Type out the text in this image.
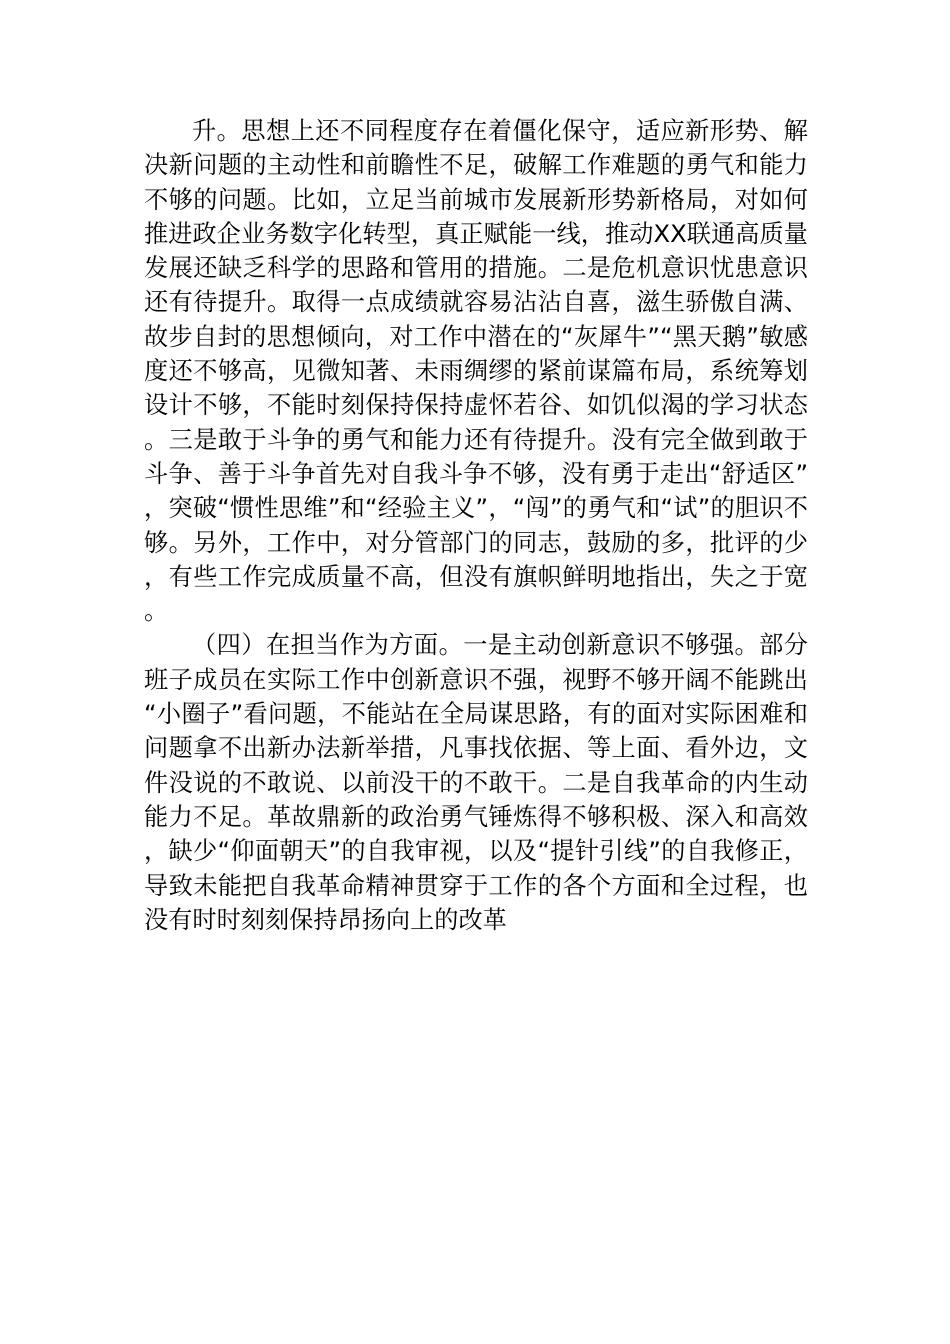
升。思想上还不同程度存在着僵化保守，适应新形势、解决新问题的主动性和前瞻性不足，破解工作难题的勇气和能力不够的问题。比如，立足当前城市发展新形势新格局，对如何推进政企业务数字化转型，真正赋能一线，推动XX联通高质量发展还缺乏科学的思路和管用的措施。二是危机意识忧患意识还有待提升。取得一点成绩就容易沾沾自喜，滋生骄傲自满、故步自封的思想倾向，对工作中潜在的“灰犀牛”“黑天鹅”敏感度还不够高，见微知著、未雨绸缪的紧前谋篇布局，系统筹划设计不够，不能时刻保持保持虚怀若谷、如饥似渴的学习状态。三是敢于斗争的勇气和能力还有待提升。没有完全做到敢于斗争、善于斗争首先对自我斗争不够，没有勇于走出“舒适区”，突破“惯性思维”和“经验主义”，“闯”的勇气和“试”的胆识不够。另外，工作中，对分管部门的同志，鼓励的多，批评的少，有些工作完成质量不高，但没有旗帜鲜明地指出，失之于宽。

（四）在担当作为方面。一是主动创新意识不够强。部分班子成员在实际工作中创新意识不强，视野不够开阔不能跳出“小圈子”看问题，不能站在全局谋思路，有的面对实际困难和问题拿不出新办法新举措，凡事找依据、等上面、看外边，文件没说的不敢说、以前没干的不敢干。二是自我革命的内生动能力不足。革故鼎新的政治勇气锤炼得不够积极、深入和高效，缺少“仰面朝天”的自我审视，以及“提针引线”的自我修正，导致未能把自我革命精神贯穿于工作的各个方面和全过程，也没有时时刻刻保持昂扬向上的改革
